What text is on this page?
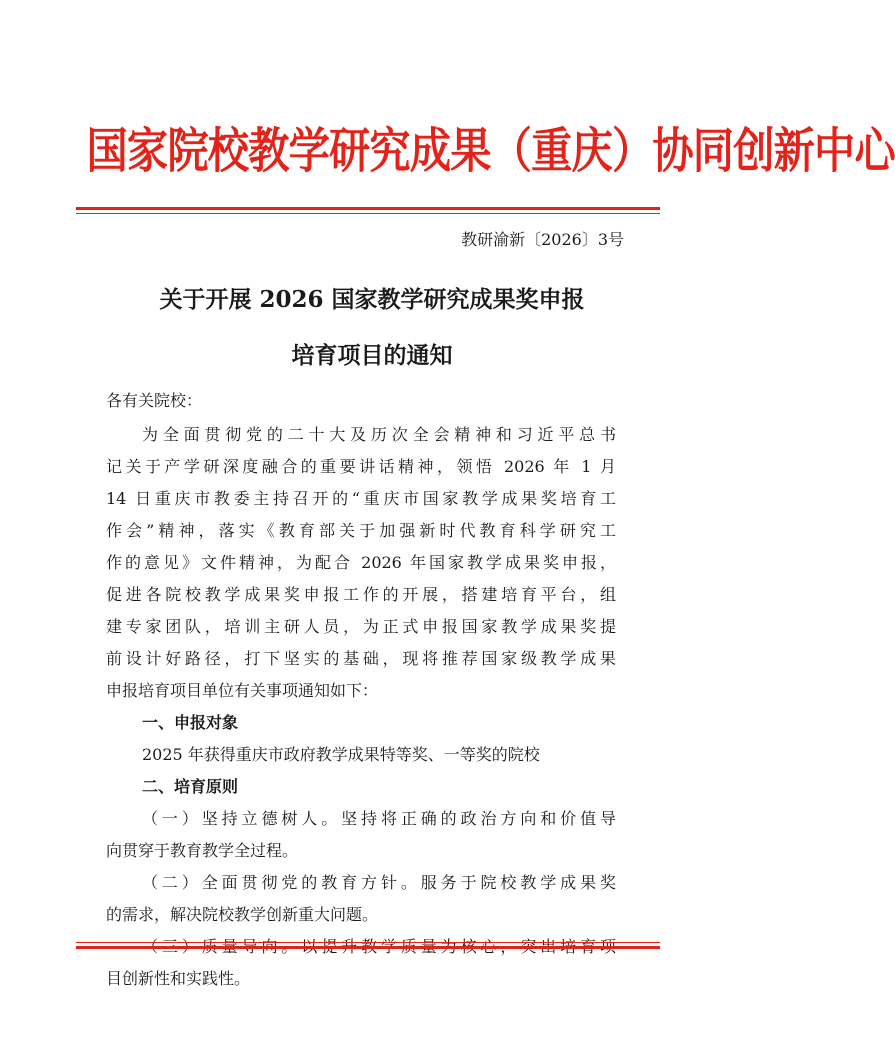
国家院校教学研究成果（重庆）协同创新中心
教研渝新〔2026〕3号
关于开展 2026 国家教学研究成果奖申报
培育项目的通知
各有关院校：
为全面贯彻党的二十大及历次全会精神和习近平总书
记关于产学研深度融合的重要讲话精神，领悟 2026 年 1 月
14 日重庆市教委主持召开的“重庆市国家教学成果奖培育工
作会”精神，落实《教育部关于加强新时代教育科学研究工
作的意见》文件精神，为配合 2026 年国家教学成果奖申报，
促进各院校教学成果奖申报工作的开展，搭建培育平台，组
建专家团队，培训主研人员，为正式申报国家教学成果奖提
前设计好路径，打下坚实的基础，现将推荐国家级教学成果
申报培育项目单位有关事项通知如下：
一、申报对象
2025 年获得重庆市政府教学成果特等奖、一等奖的院校
二、培育原则
（一）坚持立德树人。坚持将正确的政治方向和价值导
向贯穿于教育教学全过程。
（二）全面贯彻党的教育方针。服务于院校教学成果奖
的需求，解决院校教学创新重大问题。
目创新性和实践性。
